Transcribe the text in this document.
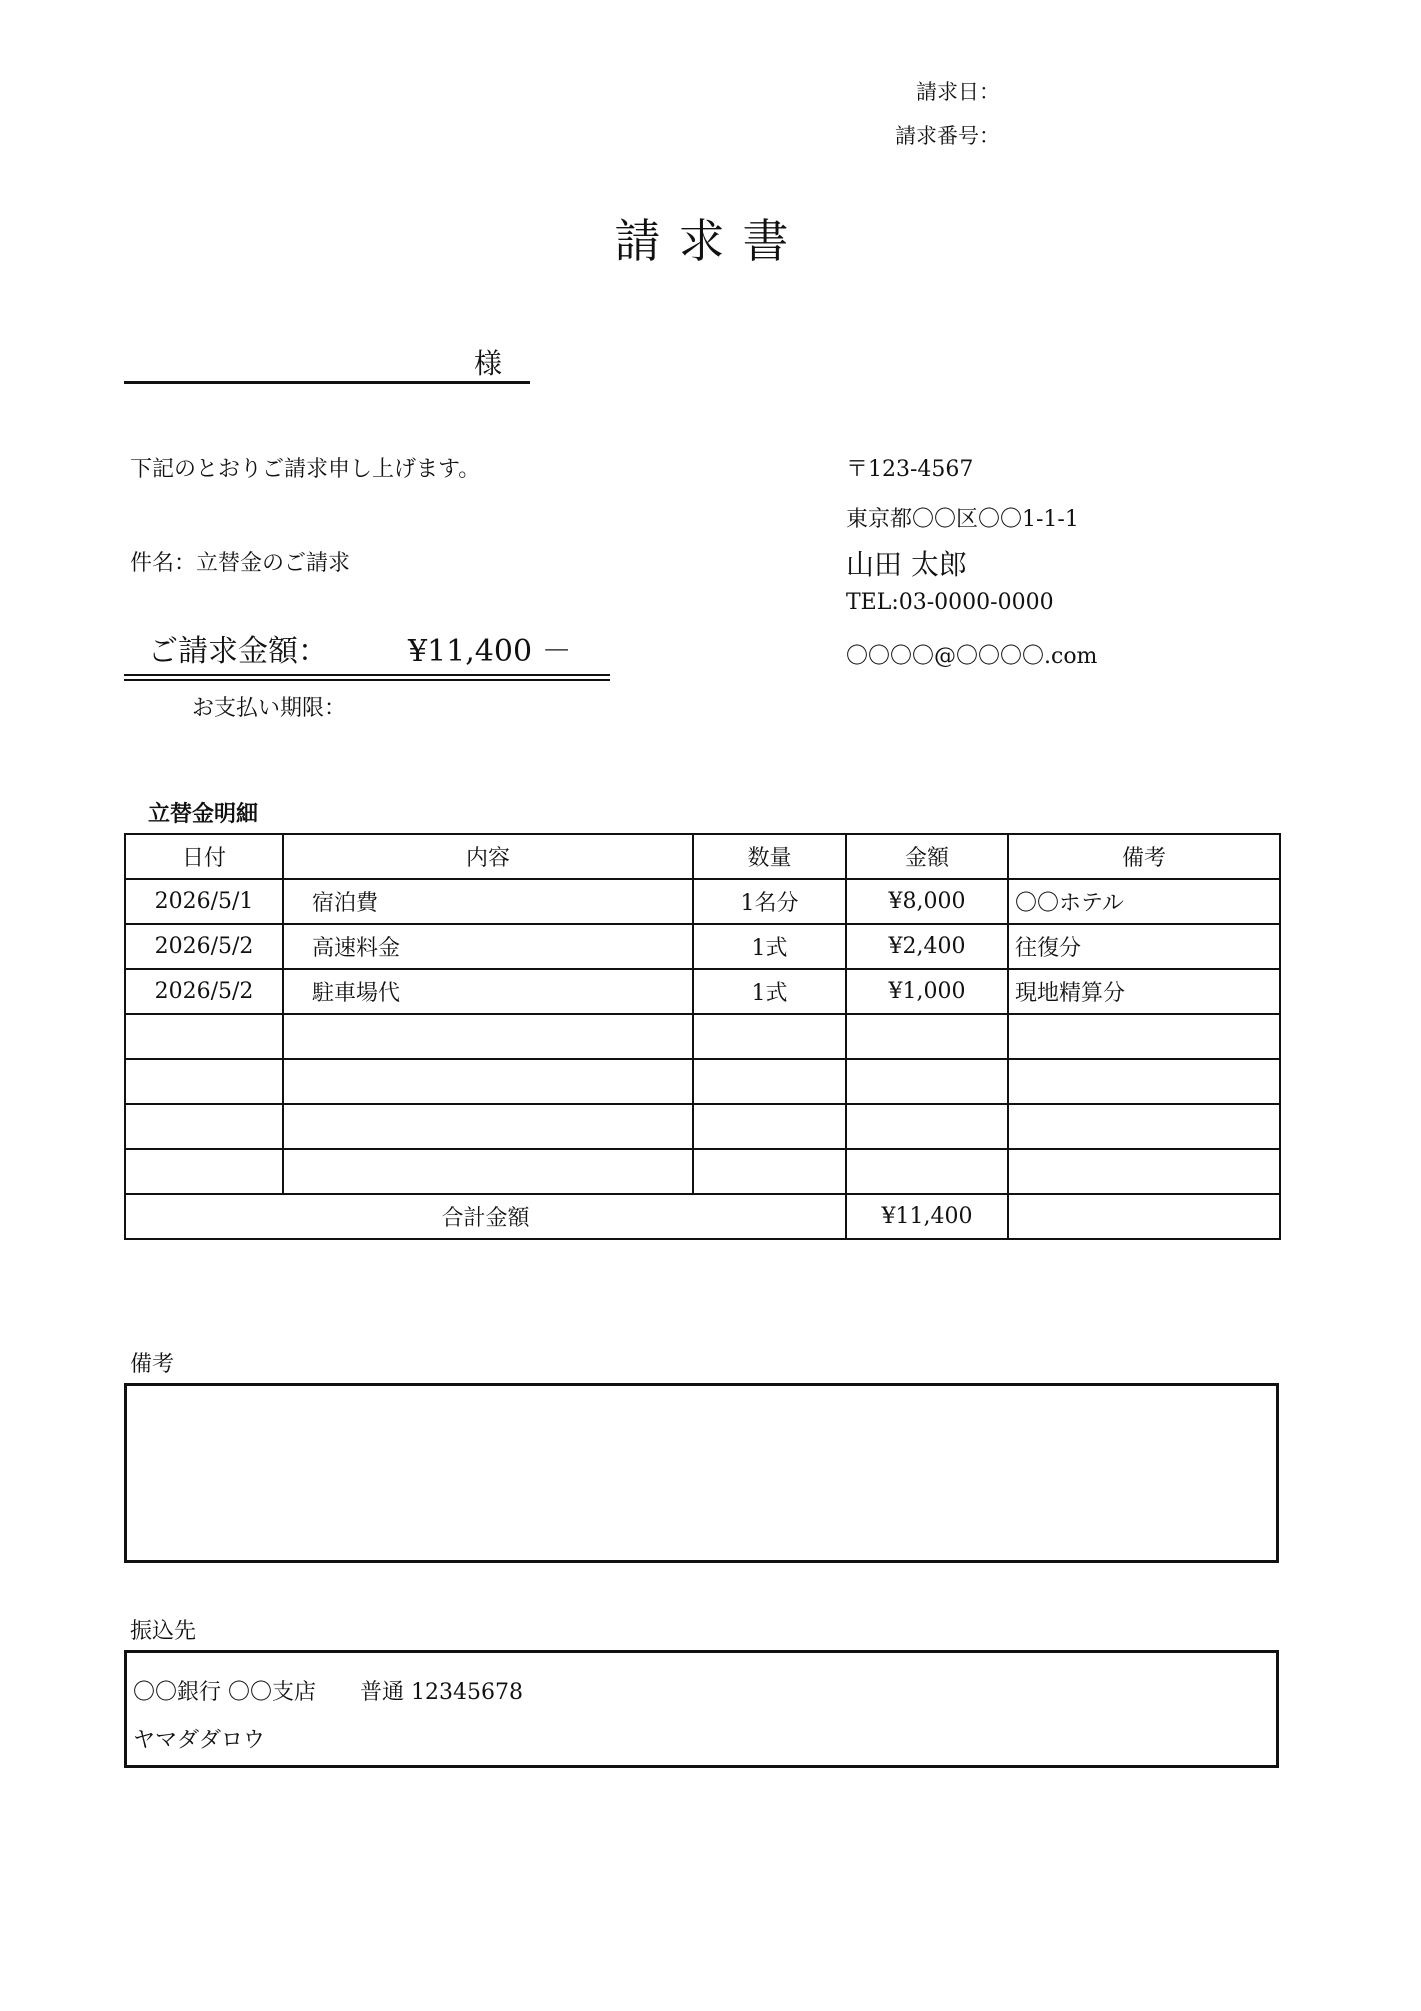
請求日：
請求番号：
請求書
様
下記のとおりご請求申し上げます。
件名：立替金のご請求
ご請求金額：	¥11,400 －
お支払い期限：
〒123-4567
東京都〇〇区〇〇1-1-1
山田 太郎
TEL:03-0000-0000
〇〇〇〇@〇〇〇〇.com
立替金明細
日付	内容	数量	金額	備考
2026/5/1	宿泊費	1名分	¥8,000	〇〇ホテル
2026/5/2	高速料金	1式	¥2,400	往復分
2026/5/2	駐車場代	1式	¥1,000	現地精算分

合計金額			¥11,400	
備考
振込先
〇〇銀行 〇〇支店　　普通 12345678
ヤマダダロウ
